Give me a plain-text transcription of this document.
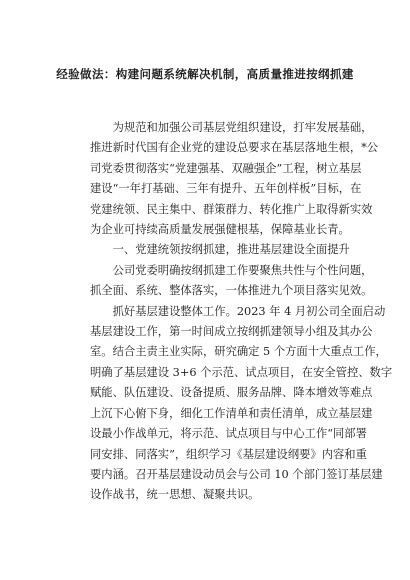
经验做法：构建问题系统解决机制，高质量推进按纲抓建

　　为规范和加强公司基层党组织建设，打牢发展基础，
推进新时代国有企业党的建设总要求在基层落地生根，*公
司党委贯彻落实“党建强基、双融强企”工程，树立基层
建设“一年打基础、三年有提升、五年创样板”目标，在
党建统领、民主集中、群策群力、转化推广上取得新实效
为企业可持续高质量发展强健根基，保障基业长青。

　　一、党建统领按纲抓建，推进基层建设全面提升

　　公司党委明确按纲抓建工作要聚焦共性与个性问题，
抓全面、系统、整体落实，一体推进九个项目落实见效。

　　抓好基层建设整体工作。2023 年 4 月初公司全面启动
基层建设工作，第一时间成立按纲抓建领导小组及其办公
室。结合主责主业实际，研究确定 5 个方面十大重点工作，
明确了基层建设 3+6 个示范、试点项目，在安全管控、数字
赋能、队伍建设、设备提质、服务品牌、降本增效等难点
上沉下心俯下身，细化工作清单和责任清单，成立基层建
设最小作战单元，将示范、试点项目与中心工作“同部署
同安排、同落实”，组织学习《基层建设纲要》内容和重
要内涵。召开基层建设动员会与公司 10 个部门签订基层建
设作战书，统一思想、凝聚共识。
